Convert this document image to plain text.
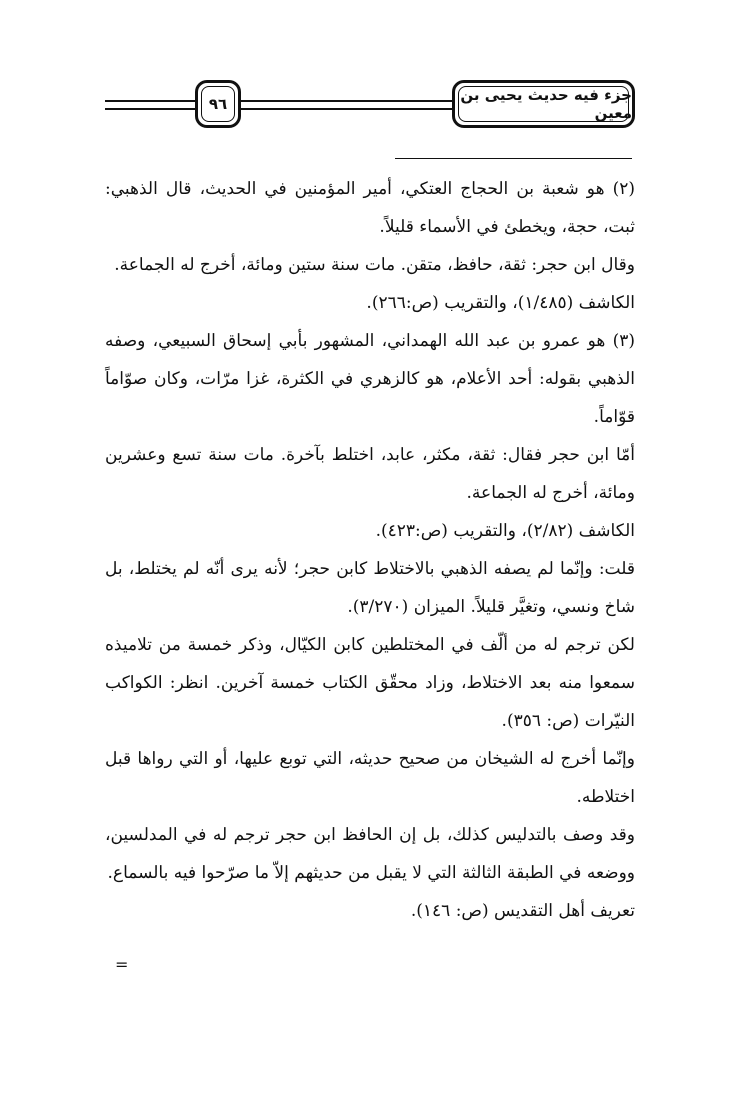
٩٦	جزء فيه حديث يحيى بن معين

(٢) هو شعبة بن الحجاج العتكي، أمير المؤمنين في الحديث، قال الذهبي: ثبت، حجة، ويخطئ في الأسماء قليلاً.

وقال ابن حجر: ثقة، حافظ، متقن. مات سنة ستين ومائة، أخرج له الجماعة.

الكاشف (١/٤٨٥)، والتقريب (ص:٢٦٦).

(٣) هو عمرو بن عبد الله الهمداني، المشهور بأبي إسحاق السبيعي، وصفه الذهبي بقوله: أحد الأعلام، هو كالزهري في الكثرة، غزا مرّات، وكان صوّاماً قوّاماً.

أمّا ابن حجر فقال: ثقة، مكثر، عابد، اختلط بآخرة. مات سنة تسع وعشرين ومائة، أخرج له الجماعة.

الكاشف (٢/٨٢)، والتقريب (ص:٤٢٣).

قلت: وإنّما لم يصفه الذهبي بالاختلاط كابن حجر؛ لأنه يرى أنّه لم يختلط، بل شاخ ونسي، وتغيَّر قليلاً. الميزان (٣/٢٧٠).

لكن ترجم له من ألّف في المختلطين كابن الكيّال، وذكر خمسة من تلاميذه سمعوا منه بعد الاختلاط، وزاد محقّق الكتاب خمسة آخرين. انظر: الكواكب النيّرات (ص: ٣٥٦).

وإنّما أخرج له الشيخان من صحيح حديثه، التي توبع عليها، أو التي رواها قبل اختلاطه.

وقد وصف بالتدليس كذلك، بل إن الحافظ ابن حجر ترجم له في المدلسين، ووضعه في الطبقة الثالثة التي لا يقبل من حديثهم إلاّ ما صرّحوا فيه بالسماع.

تعريف أهل التقديس (ص: ١٤٦).

=
